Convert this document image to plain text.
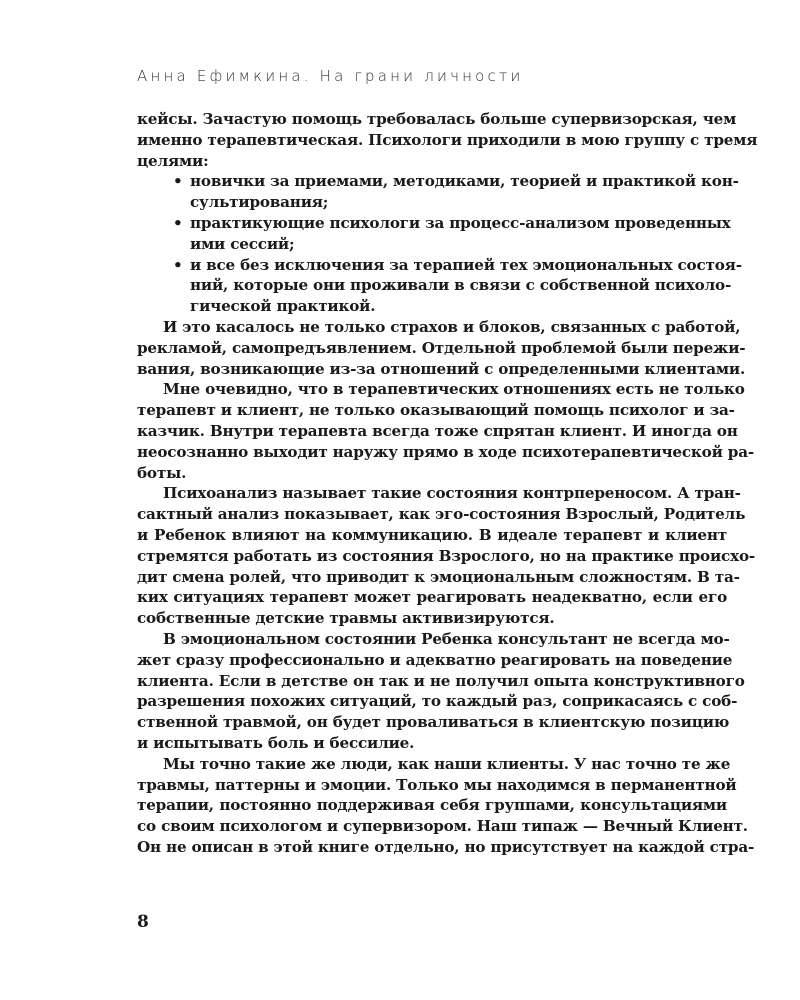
Анна Ефимкина. На грани личности
кейсы. Зачастую помощь требовалась больше супервизорская, чем
именно терапевтическая. Психологи приходили в мою группу с тремя
целями:
• новички за приемами, методиками, теорией и практикой кон-
сультирования;
• практикующие психологи за процесс-анализом проведенных
ими сессий;
• и все без исключения за терапией тех эмоциональных состоя-
ний, которые они проживали в связи с собственной психоло-
гической практикой.
И это касалось не только страхов и блоков, связанных с работой,
рекламой, самопредъявлением. Отдельной проблемой были пережи-
вания, возникающие из-за отношений с определенными клиентами.
Мне очевидно, что в терапевтических отношениях есть не только
терапевт и клиент, не только оказывающий помощь психолог и за-
казчик. Внутри терапевта всегда тоже спрятан клиент. И иногда он
неосознанно выходит наружу прямо в ходе психотерапевтической ра-
боты.
Психоанализ называет такие состояния контрпереносом. А тран-
сактный анализ показывает, как эго-состояния Взрослый, Родитель
и Ребенок влияют на коммуникацию. В идеале терапевт и клиент
стремятся работать из состояния Взрослого, но на практике происхо-
дит смена ролей, что приводит к эмоциональным сложностям. В та-
ких ситуациях терапевт может реагировать неадекватно, если его
собственные детские травмы активизируются.
В эмоциональном состоянии Ребенка консультант не всегда мо-
жет сразу профессионально и адекватно реагировать на поведение
клиента. Если в детстве он так и не получил опыта конструктивного
разрешения похожих ситуаций, то каждый раз, соприкасаясь с соб-
ственной травмой, он будет проваливаться в клиентскую позицию
и испытывать боль и бессилие.
Мы точно такие же люди, как наши клиенты. У нас точно те же
травмы, паттерны и эмоции. Только мы находимся в перманентной
терапии, постоянно поддерживая себя группами, консультациями
со своим психологом и супервизором. Наш типаж — Вечный Клиент.
Он не описан в этой книге отдельно, но присутствует на каждой стра-
8
